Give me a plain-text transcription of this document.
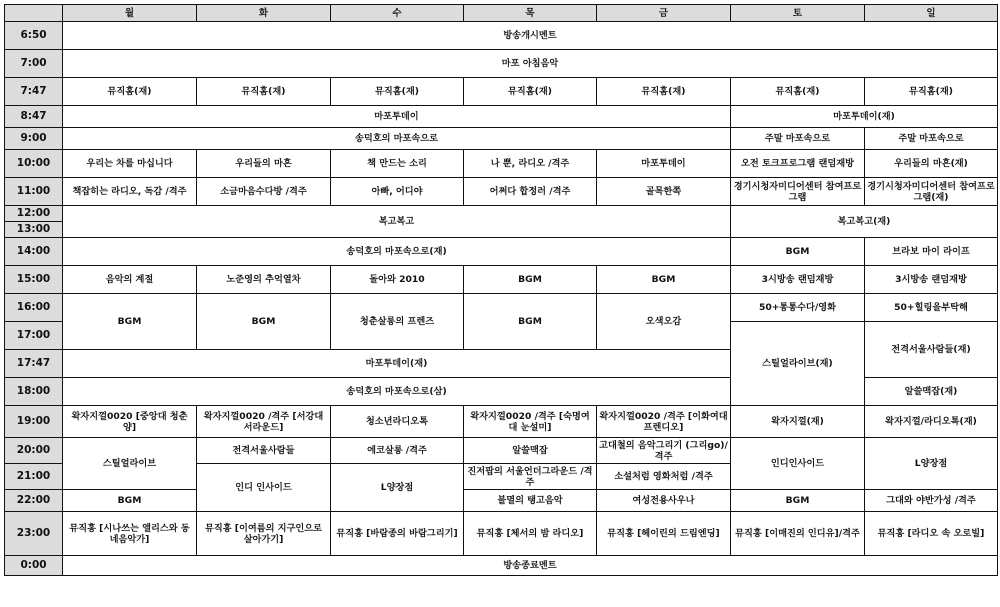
	월	화	수	목	금	토	일
6:50	방송개시멘트						
7:00	마포 아침음악						
7:47	뮤직홈(재)	뮤직홈(재)	뮤직홈(재)	뮤직홈(재)	뮤직홈(재)	뮤직홈(재)	뮤직홈(재)
8:47	마포투데이					마포투데이(재)	
9:00	송덕호의 마포속으로					주말 마포속으로	주말 마포속으로
10:00	우리는 차를 마십니다	우리들의 마흔	책 만드는 소리	나 뿐, 라디오 /격주	마포투데이	오전 토크프로그램 랜덤재방	우리들의 마흔(재)
11:00	책잡히는 라디오, 독감 /격주	소금마음수다방 /격주	아빠, 어디야	어쩌다 합정러 /격주	골목한쪽	경기시청자미디어센터 참여프로그램	경기시청자미디어센터 참여프로그램(재)
12:00	복고복고					복고복고(재)	
13:00							
14:00	송덕호의 마포속으로(재)					BGM	브라보 마이 라이프
15:00	음악의 계절	노준영의 추억열차	돌아와 2010	BGM	BGM	3시방송 랜덤재방	3시방송 랜덤재방
16:00	BGM	BGM	청춘살롱의 프렌즈	BGM	오색오감	50+통통수다/영화	50+힐링을부탁해
17:00						스틸얼라이브(재)	전격서울사람들(재)
17:47	마포투데이(재)						
18:00	송덕호의 마포속으로(삼)						알쓸맥잡(재)
19:00	왁자지껄0020 [중앙대 청춘양]	왁자지껄0020 /격주 [서강대 서라운드]	청소년라디오톡	왁자지껄0020 /격주 [숙명여대 눈설미]	왁자지껄0020 /격주 [이화여대 프렌디오]	왁자지껄(재)	왁자지껄/라디오톡(재)
20:00	스틸얼라이브	전격서울사람들	에코살롱 /격주	알쓸맥잡	고대철의 음악그리기 (그리go)/격주	인디인사이드	L양장점
21:00		인디 인사이드	L양장점	진저팝의 서울언더그라운드 /격주	소설처럼 영화처럼 /격주		
22:00	BGM			불멸의 탱고음악	여성전용사우나	BGM	그대와 야반가성 /격주
23:00	뮤직홍 [시나쓰는 앨리스와 동네음악가]	뮤직홍 [이여름의 지구인으로 살아가기]	뮤직홍 [바람종의 바람그리기]	뮤직홍 [체서의 밤 라디오]	뮤직홍 [헤이린의 드림엔딩]	뮤직홍 [이매진의 인디유]/격주	뮤직홍 [라디오 속 오로빌]
0:00	방송종료멘트						
